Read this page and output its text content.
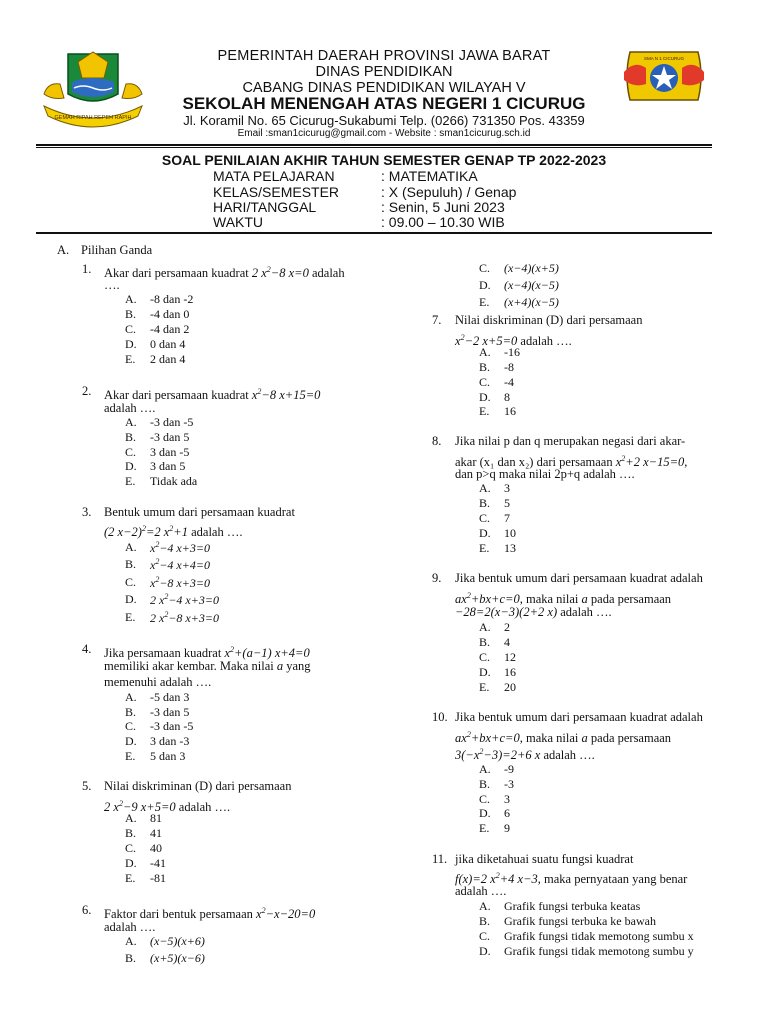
GEMAH RIPAH REPEH RAPIH
SMA N 1 CICURUG
PEMERINTAH DAERAH PROVINSI JAWA BARAT
DINAS PENDIDIKAN
CABANG DINAS PENDIDIKAN WILAYAH V
SEKOLAH MENENGAH ATAS NEGERI 1 CICURUG
Jl. Koramil No. 65 Cicurug-Sukabumi Telp. (0266) 731350 Pos. 43359
Email :sman1cicurug@gmail.com - Website : sman1cicurug.sch.id
SOAL PENILAIAN AKHIR TAHUN SEMESTER GENAP TP 2022-2023
MATA PELAJARAN	: MATEMATIKA
KELAS/SEMESTER	: X (Sepuluh) / Genap
HARI/TANGGAL	: Senin, 5 Juni 2023
WAKTU	: 09.00 – 10.30 WIB
A. Pilihan Ganda
1. Akar dari persamaan kuadrat 2 $x^2-8$ x=0 adalah
….
A. -8 dan -2
B. -4 dan 0
C. -4 dan 2
D. 0 dan 4
E. 2 dan 4
2. Akar dari persamaan kuadrat $x^2-8$ x+15=0
adalah ….
A. -3 dan -5
B. -3 dan 5
C. 3 dan -5
D. 3 dan 5
E. Tidak ada
3. Bentuk umum dari persamaan kuadrat
(2 x−2)$^2$=2 $x^2+1$ adalah ….
A. $x^2-4$ x+3=0
B. $x^2-4$ x+4=0
C. $x^2-8$ x+3=0
D. 2 $x^2-4$ x+3=0
E. 2 $x^2-8$ x+3=0
4. Jika persamaan kuadrat $x^2+(a-1)$ x+4=0
memiliki akar kembar. Maka nilai a yang
memenuhi adalah ….
A. -5 dan 3
B. -3 dan 5
C. -3 dan -5
D. 3 dan -3
E. 5 dan 3
5. Nilai diskriminan (D) dari persamaan
2 $x^2-9$ x+5=0 adalah ….
A. 81
B. 41
C. 40
D. -41
E. -81
6. Faktor dari bentuk persamaan $x^2-x-20=0$
adalah ….
A. (x−5)(x+6)
B. (x+5)(x−6)
C. (x−4)(x+5)
D. (x−4)(x−5)
E. (x+4)(x−5)
7. Nilai diskriminan (D) dari persamaan
$x^2-2$ x+5=0 adalah ….
A. -16
B. -8
C. -4
D. 8
E. 16
8. Jika nilai p dan q merupakan negasi dari akar-
akar (x₁ dan x₂) dari persamaan $x^2+2$ x−15=0,
dan p>q maka nilai 2p+q adalah ….
A. 3
B. 5
C. 7
D. 10
E. 13
9. Jika bentuk umum dari persamaan kuadrat adalah
$ax^2+bx+c=0$, maka nilai a pada persamaan
−28=2(x−3)(2+2 x) adalah ….
A. 2
B. 4
C. 12
D. 16
E. 20
10. Jika bentuk umum dari persamaan kuadrat adalah
$ax^2+bx+c=0$, maka nilai a pada persamaan
$3(-x^2-3)=2+6$ x adalah ….
A. -9
B. -3
C. 3
D. 6
E. 9
11. jika diketahuai suatu fungsi kuadrat
f(x)=2 $x^2+4$ x−3, maka pernyataan yang benar
adalah ….
A. Grafik fungsi terbuka keatas
B. Grafik fungsi terbuka ke bawah
C. Grafik fungsi tidak memotong sumbu x
D. Grafik fungsi tidak memotong sumbu y
